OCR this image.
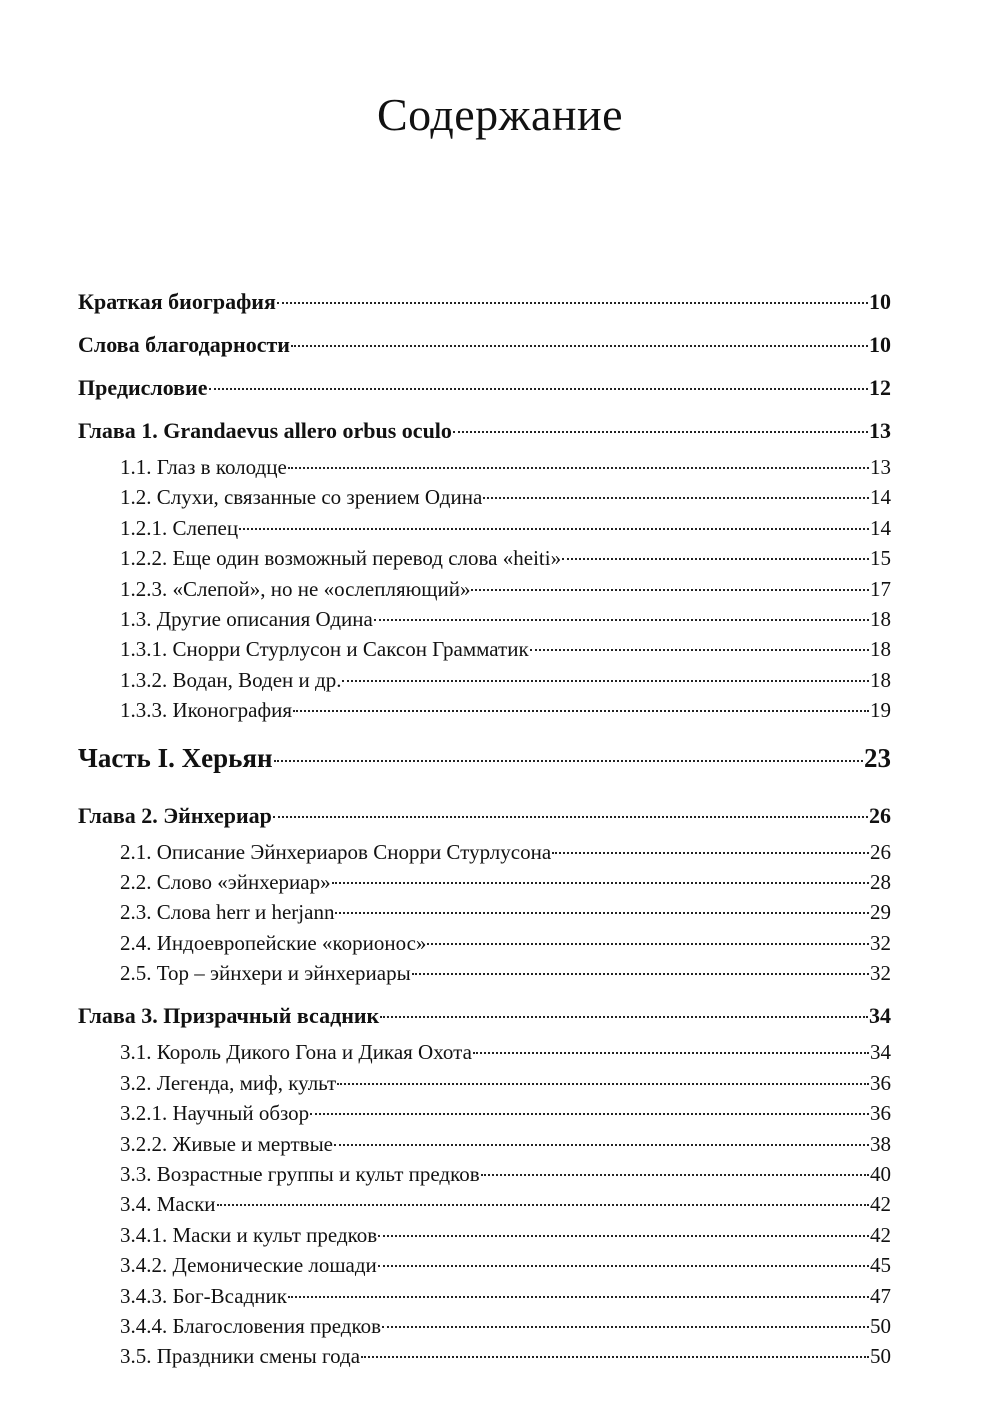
Содержание
Краткая биография	10
Слова благодарности	10
Предисловие	12
Глава 1. Grandaevus allero orbus oculo	13
1.1. Глаз в колодце	13
1.2. Слухи, связанные со зрением Одина	14
1.2.1. Слепец	14
1.2.2. Еще один возможный перевод слова «heiti»	15
1.2.3. «Слепой», но не «ослепляющий»	17
1.3. Другие описания Одина	18
1.3.1. Снорри Стурлусон и Саксон Грамматик	18
1.3.2. Водан, Воден и др.	18
1.3.3. Иконография	19
Часть I. Херьян	23
Глава 2. Эйнхериар	26
2.1. Описание Эйнхериаров Снорри Стурлусона	26
2.2. Слово «эйнхериар»	28
2.3. Слова herr и herjann	29
2.4. Индоевропейские «корионос»	32
2.5. Тор – эйнхери и эйнхериары	32
Глава 3. Призрачный всадник	34
3.1. Король Дикого Гона и Дикая Охота	34
3.2. Легенда, миф, культ	36
3.2.1. Научный обзор	36
3.2.2. Живые и мертвые	38
3.3. Возрастные группы и культ предков	40
3.4. Маски	42
3.4.1. Маски и культ предков	42
3.4.2. Демонические лошади	45
3.4.3. Бог-Всадник	47
3.4.4. Благословения предков	50
3.5. Праздники смены года	50
